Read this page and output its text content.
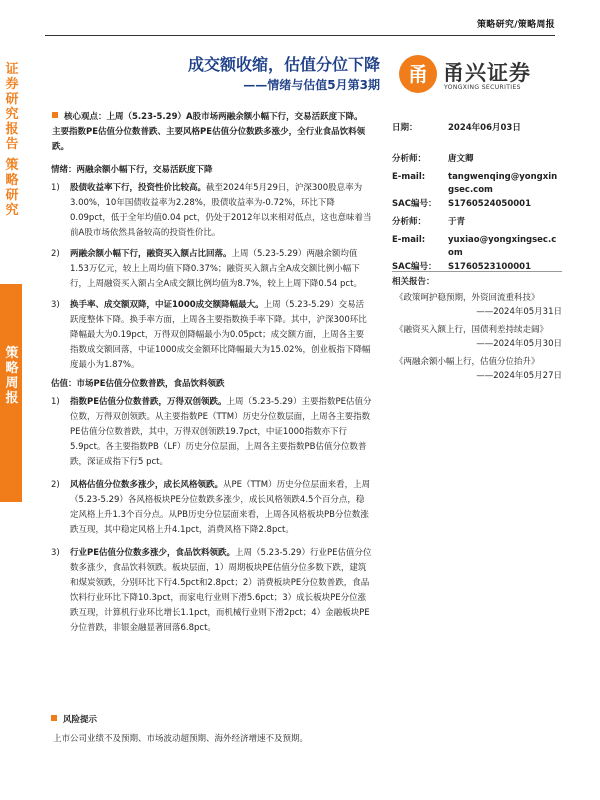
策略研究/策略周报
证券研究报告
策略研究
策略周报
成交额收缩，估值分位下降
——情绪与估值5月第3期	甬 甬兴证券
YONGXING SECURITIES
核心观点：上周（5.23-5.29）A股市场两融余额小幅下行，交易活跃度下降。主要指数PE估值分位数普跌、主要风格PE估值分位数跌多涨少，全行业食品饮料领跌。
情绪：两融余额小幅下行，交易活跃度下降
1) 股债收益率下行，投资性价比较高。截至2024年5月29日，沪深300股息率为3.00%，10年国债收益率为2.28%，股债收益率为-0.72%，环比下降0.09pct，低于全年均值0.04 pct，仍处于2012年以来相对低点，这也意味着当前A股市场依然具备较高的投资性价比。
2) 两融余额小幅下行，融资买入额占比回落。上周（5.23-5.29）两融余额均值1.53万亿元，较上上周均值下降0.37%；融资买入额占全A成交额比例小幅下行，上周融资买入额占全A成交额比例均值为8.7%，较上上周下降0.54 pct。
3) 换手率、成交额双降，中证1000成交额降幅最大。上周（5.23-5.29）交易活跃度整体下降。换手率方面，上周各主要指数换手率下降。其中，沪深300环比降幅最大为0.19pct，万得双创降幅最小为0.05pct；成交额方面，上周各主要指数成交额回落，中证1000成交金额环比降幅最大为15.02%，创业板指下降幅度最小为1.87%。
估值：市场PE估值分位数普跌，食品饮料领跌
1) 指数PE估值分位数普跌，万得双创领跌。上周（5.23-5.29）主要指数PE估值分位数，万得双创领跌。从主要指数PE（TTM）历史分位数层面，上周各主要指数PE估值分位数普跌，其中，万得双创领跌19.7pct，中证1000指数亦下行5.9pct。各主要指数PB（LF）历史分位层面，上周各主要指数PB估值分位数普跌，深证成指下行5 pct。
2) 风格估值分位数多涨少，成长风格领跌。从PE（TTM）历史分位层面来看，上周（5.23-5.29）各风格板块PE分位数跌多涨少，成长风格领跌4.5个百分点，稳定风格上升1.3个百分点。从PB历史分位层面来看，上周各风格板块PB分位数涨跌互现，其中稳定风格上升4.1pct，消费风格下降2.8pct。
3) 行业PE估值分位数多涨少，食品饮料领跌。上周（5.23-5.29）行业PE估值分位数多涨少，食品饮料领跌。板块层面，1）周期板块PE估值分位多数下跌，建筑和煤炭领跌，分别环比下行4.5pct和2.8pct；2）消费板块PE分位数普跌，食品饮料行业环比下降10.3pct，而家电行业则下滑5.6pct；3）成长板块PE分位涨跌互现，计算机行业环比增长1.1pct，而机械行业则下滑2pct；4）金融板块PE分位普跌，非银金融显著回落6.8pct。
风险提示
上市公司业绩不及预期、市场波动超预期、海外经济增速不及预期。
日期：	2024年06月03日
分析师：	唐文卿
E-mail:	tangwenqing@yongxingsec.com
SAC编号： S1760524050001
分析师：	于青
E-mail:	yuxiao@yongxingsec.com
SAC编号： S1760523100001
相关报告：
《政策呵护稳预期，外资回流重科技》
——2024年05月31日
《融资买入额上行，国债利差持续走阔》
——2024年05月30日
《两融余额小幅上行，估值分位抬升》
——2024年05月27日
